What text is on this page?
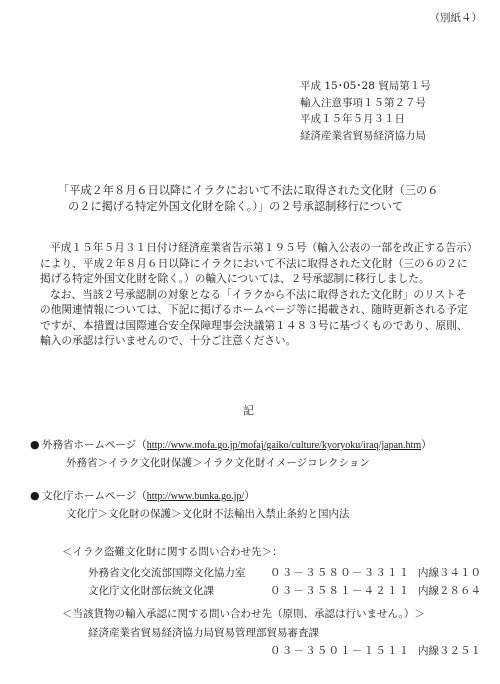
（別紙４）
平成 15･05･28 貿局第１号
輸入注意事項１５第２７号
平成１５年５月３１日
経済産業省貿易経済協力局
「平成２年８月６日以降にイラクにおいて不法に取得された文化財（三の６
の２に掲げる特定外国文化財を除く。）」の２号承認制移行について
平成１５年５月３１日付け経済産業省告示第１９５号（輸入公表の一部を改正する告示）
により、平成２年８月６日以降にイラクにおいて不法に取得された文化財（三の６の２に
掲げる特定外国文化財を除く。）の輸入については、２号承認制に移行しました。
なお、当該２号承認制の対象となる「イラクから不法に取得された文化財」のリストそ
の他関連情報については、下記に掲げるホームページ等に掲載され、随時更新される予定
ですが、本措置は国際連合安全保障理事会決議第１４８３号に基づくものであり、原則、
輸入の承認は行いませんので、十分ご注意ください。
記
● 外務省ホームページ（http://www.mofa.go.jp/mofaj/gaiko/culture/kyoryoku/iraq/japan.htm）
外務省＞イラク文化財保護＞イラク文化財イメージコレクション
● 文化庁ホームページ（http://www.bunka.go.jp/）
文化庁＞文化財の保護＞文化財不法輸出入禁止条約と国内法
＜イラク盗難文化財に関する問い合わせ先＞：
外務省文化交流部国際文化協力室 ０３－３５８０－３３１１ 内線３４１０
文化庁文化財部伝統文化課	０３－３５８１－４２１１ 内線２８６４
＜当該貨物の輸入承認に関する問い合わせ先（原則、承認は行いません。）＞
経済産業省貿易経済協力局貿易管理部貿易審査課
０３－３５０１－１５１１ 内線３２５１
